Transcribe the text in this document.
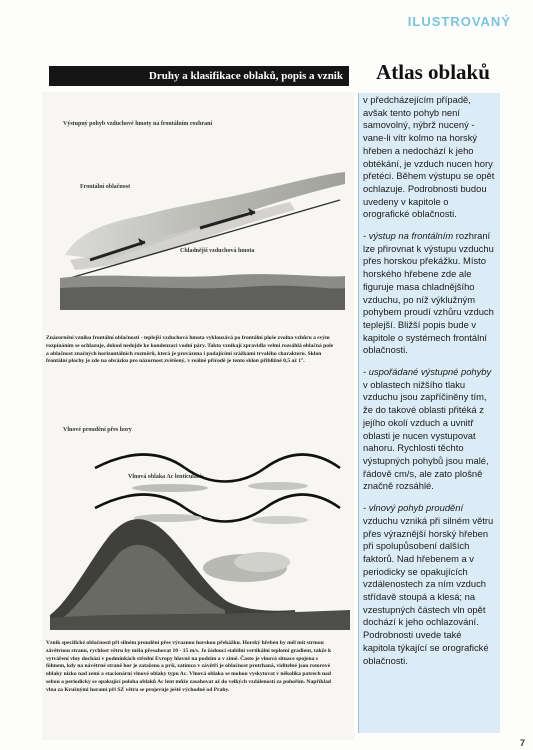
ILUSTROVANÝ
Druhy a klasifikace oblaků, popis a vznik	Atlas oblaků
Výstupný pohyb vzduchové hmoty na frontálním rozhraní
Frontální oblačnost
Chladnější vzduchová hmota
Znázornění vzniku frontální oblačnosti - teplejší vzduchová hmota vyklouzává po frontální ploše zvolna vzhůru a svým rozpínáním se ochlazuje, dokud nedojde ke kondenzaci vodní páry. Takto vznikají zpravidla velmi rozsáhlá oblačná pole a oblačnost značných horizontálních rozměrů, která je provázena i padajícími srážkami trvalého charakteru. Sklon frontální plochy je zde na obrázku pro názornost zvětšený, v reálné přírodě je tento sklon přibližně 0,5 až 1°.
Vlnové proudění přes hory
Vlnová oblaka Ac lenticularis
Vznik specifické oblačnosti při silném proudění přes výraznou horskou překážku. Horský hřeben by měl mít strmou závětrnou stranu, rychlost větru by měla přesahovat 10 - 15 m/s. Je žádoucí stabilní vertikální teplotní gradient, takže k vytváření vlny dochází v podmínkách střední Evropy hlavně na podzim a v zimě. Často je vlnová situace spojena s föhnem, kdy na návětrné straně hor je zataženo a prší, zatímco v závětří je oblačnost protrhaná, viditelné jsou rotorové oblaky nízko nad zemí a stacionární vlnové oblaky typu Ac. Vlnová oblaka se mohou vyskytovat v několika patrech nad sebou a periodicky se opakující poloha oblaků Ac lent může zasahovat až do velkých vzdáleností za pohořím. Například vlna za Krušnými horami při SZ větru se projevuje ještě východně od Prahy.

v předcházejícím případě, avšak tento pohyb není samovolný, nýbrž nucený - vane-li vítr kolmo na horský hřeben a nedochází k jeho obtékání, je vzduch nucen hory přetéci. Během výstupu se opět ochlazuje. Podrobnosti budou uvedeny v kapitole o orografické oblačnosti.

- výstup na frontálním rozhraní lze přirovnat k výstupu vzduchu přes horskou překážku. Místo horského hřebene zde ale figuruje masa chladnějšího vzduchu, po níž výklužným pohybem proudí vzhůru vzduch teplejší. Bližší popis bude v kapitole o systémech frontální oblačnosti.

- uspořádané výstupné pohyby v oblastech nižšího tlaku vzduchu jsou zapříčiněny tím, že do takové oblasti přitéká z jejího okolí vzduch a uvnitř oblasti je nucen vystupovat nahoru. Rychlosti těchto výstupných pohybů jsou malé, řádově cm/s, ale zato plošně značně rozsáhlé.

- vlnový pohyb proudění vzduchu vzniká při silném větru přes výraznější horský hřeben při spolupůsobení dalších faktorů. Nad hřebenem a v periodicky se opakujících vzdálenostech za ním vzduch střídavě stoupá a klesá; na vzestupných částech vln opět dochází k jeho ochlazování. Podrobnosti uvede také kapitola týkající se orografické oblačnosti.

7
